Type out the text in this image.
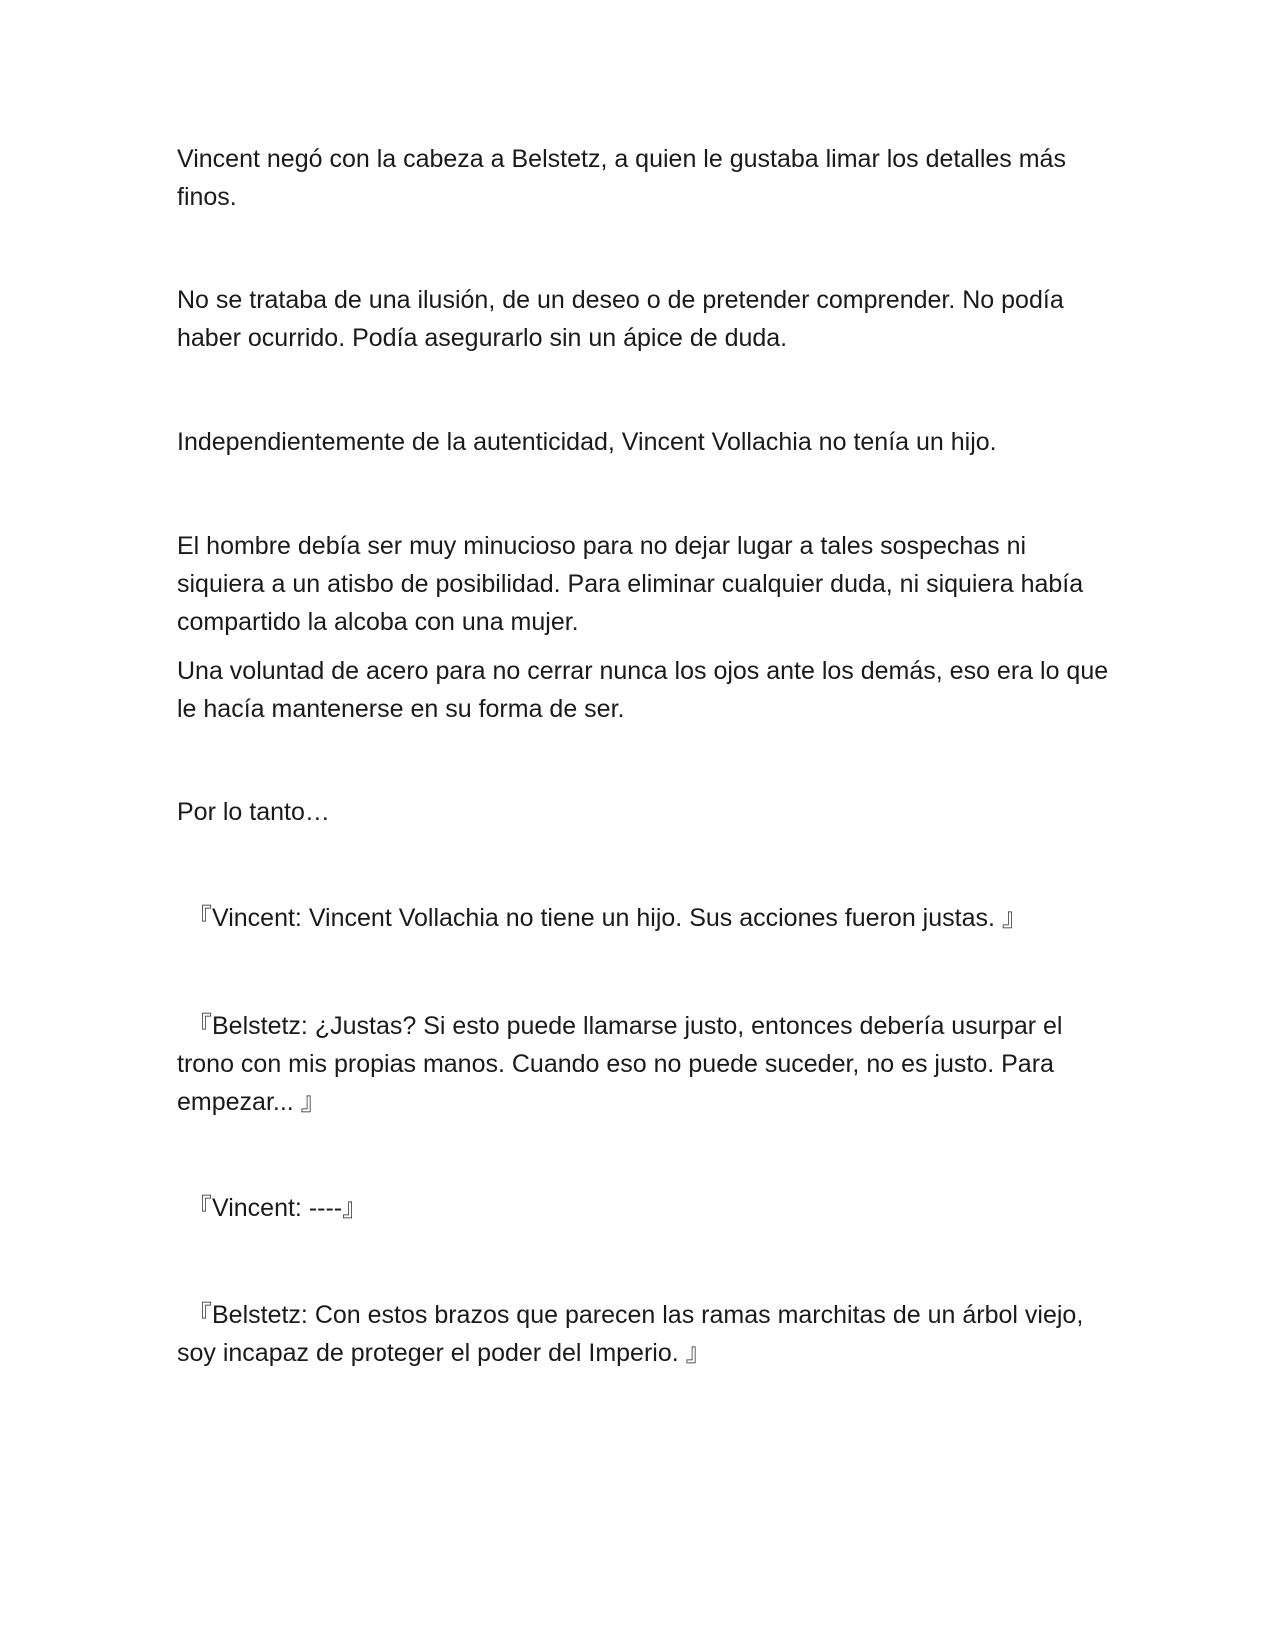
Vincent negó con la cabeza a Belstetz, a quien le gustaba limar los detalles más finos.

No se trataba de una ilusión, de un deseo o de pretender comprender. No podía haber ocurrido. Podía asegurarlo sin un ápice de duda.

Independientemente de la autenticidad, Vincent Vollachia no tenía un hijo.

El hombre debía ser muy minucioso para no dejar lugar a tales sospechas ni siquiera a un atisbo de posibilidad. Para eliminar cualquier duda, ni siquiera había compartido la alcoba con una mujer.

Una voluntad de acero para no cerrar nunca los ojos ante los demás, eso era lo que le hacía mantenerse en su forma de ser.

Por lo tanto…

『Vincent: Vincent Vollachia no tiene un hijo. Sus acciones fueron justas. 』

『Belstetz: ¿Justas? Si esto puede llamarse justo, entonces debería usurpar el trono con mis propias manos. Cuando eso no puede suceder, no es justo. Para empezar... 』

『Vincent: ----』

『Belstetz: Con estos brazos que parecen las ramas marchitas de un árbol viejo, soy incapaz de proteger el poder del Imperio. 』
